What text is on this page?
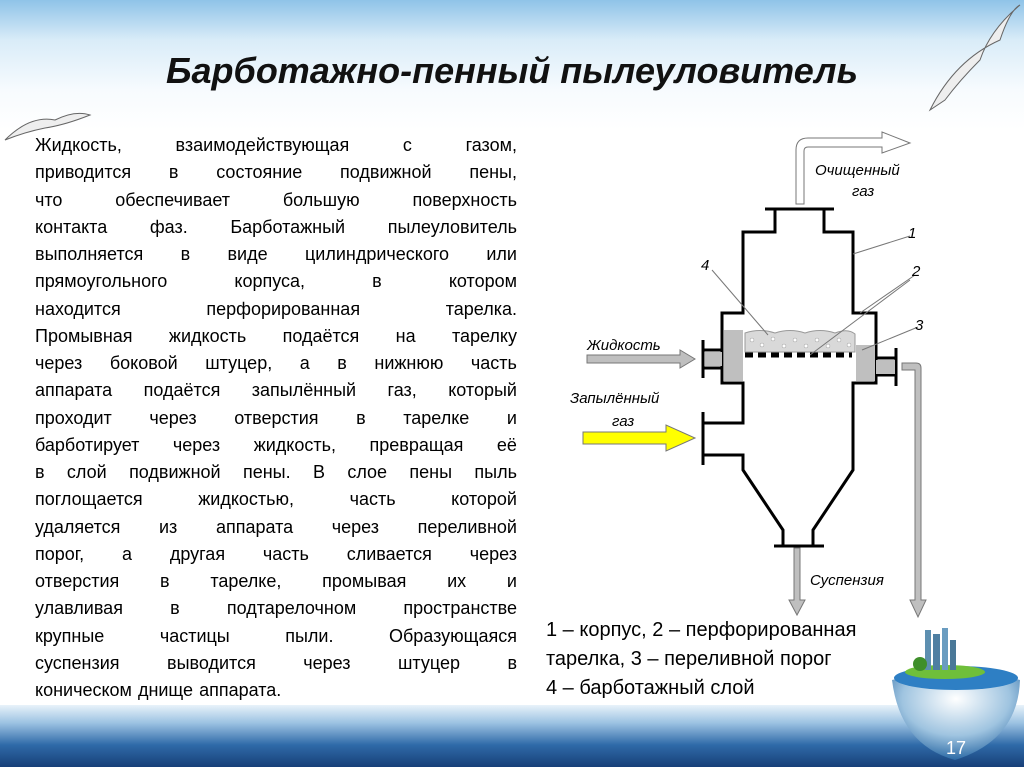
Барботажно-пенный пылеуловитель
Жидкость,	взаимодействующая	с	газом,
приводится в состояние подвижной пены,
что	обеспечивает	большую	поверхность
контакта фаз. Барботажный пылеуловитель
выполняется в виде цилиндрического или
прямоугольного	корпуса,	в	котором
находится	перфорированная	тарелка.
Промывная жидкость подаётся на тарелку
через боковой штуцер, а в нижнюю часть
аппарата подаётся запылённый газ, который
проходит через отверстия в тарелке и
барботирует через жидкость, превращая её
в слой подвижной пены. В слое пены пыль
поглощается	жидкостью,	часть	которой
удаляется из аппарата через переливной
порог, а другая часть сливается через
отверстия в тарелке, промывая их и
улавливая	в	подтарелочном	пространстве
крупные	частицы	пыли.	Образующаяся
суспензия	выводится	через	штуцер	в
коническом днище аппарата.
Очищенный
газ
Жидкость
Запылённый
газ
Суспензия
1
2
3
4
1 – корпус, 2 – перфорированная
тарелка, 3 – переливной порог
4 – барботажный слой
17
